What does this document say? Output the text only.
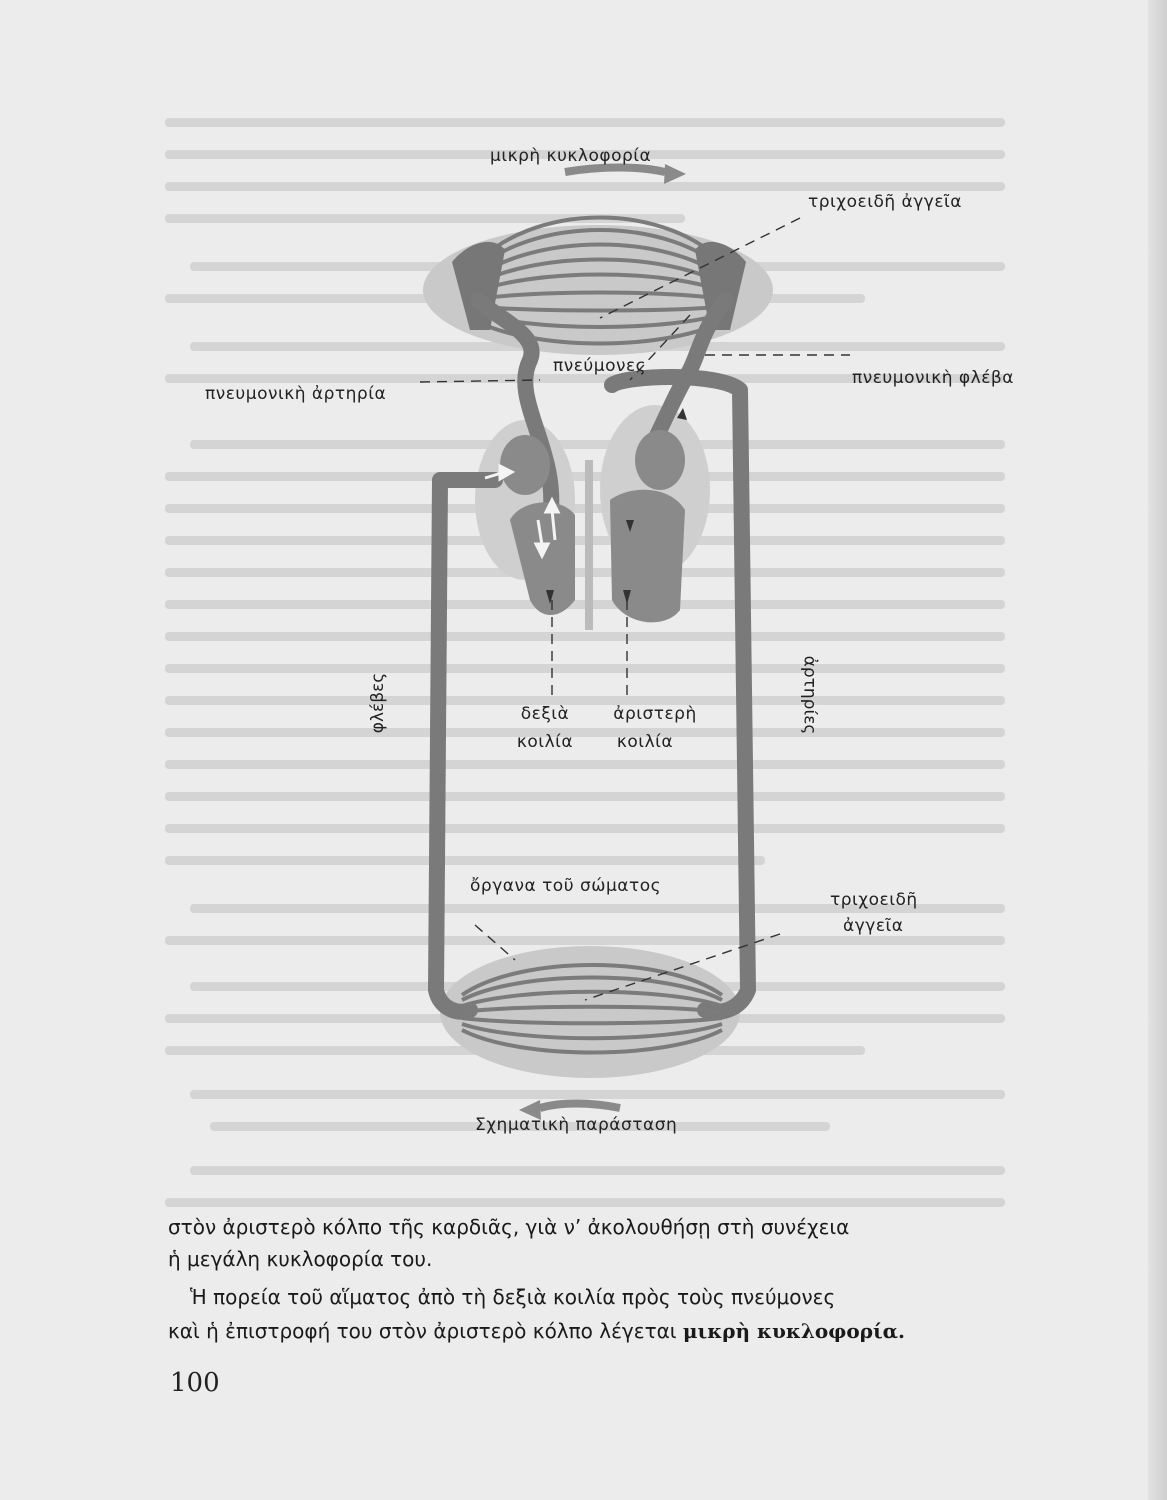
μικρὴ κυκλοφορία
τριχοειδῆ ἀγγεῖα
πνεύμονες
πνευμονικὴ φλέβα
πνευμονικὴ ἀρτηρία
φλέβες	ἀρτηρίες
δεξιὰ
κοιλία
ἀριστερὴ
κοιλία
ὄργανα τοῦ σώματος
τριχοειδῆ
ἀγγεῖα
Σχηματικὴ παράσταση
στὸν ἀριστερὸ κόλπο τῆς καρδιᾶς, γιὰ ν’ ἀκολουθήσῃ στὴ συνέχεια
ἡ μεγάλη κυκλοφορία του.
Ἡ πορεία τοῦ αἵματος ἀπὸ τὴ δεξιὰ κοιλία πρὸς τοὺς πνεύμονες
καὶ ἡ ἐπιστροφή του στὸν ἀριστερὸ κόλπο λέγεται μικρὴ κυκλοφορία.
100
